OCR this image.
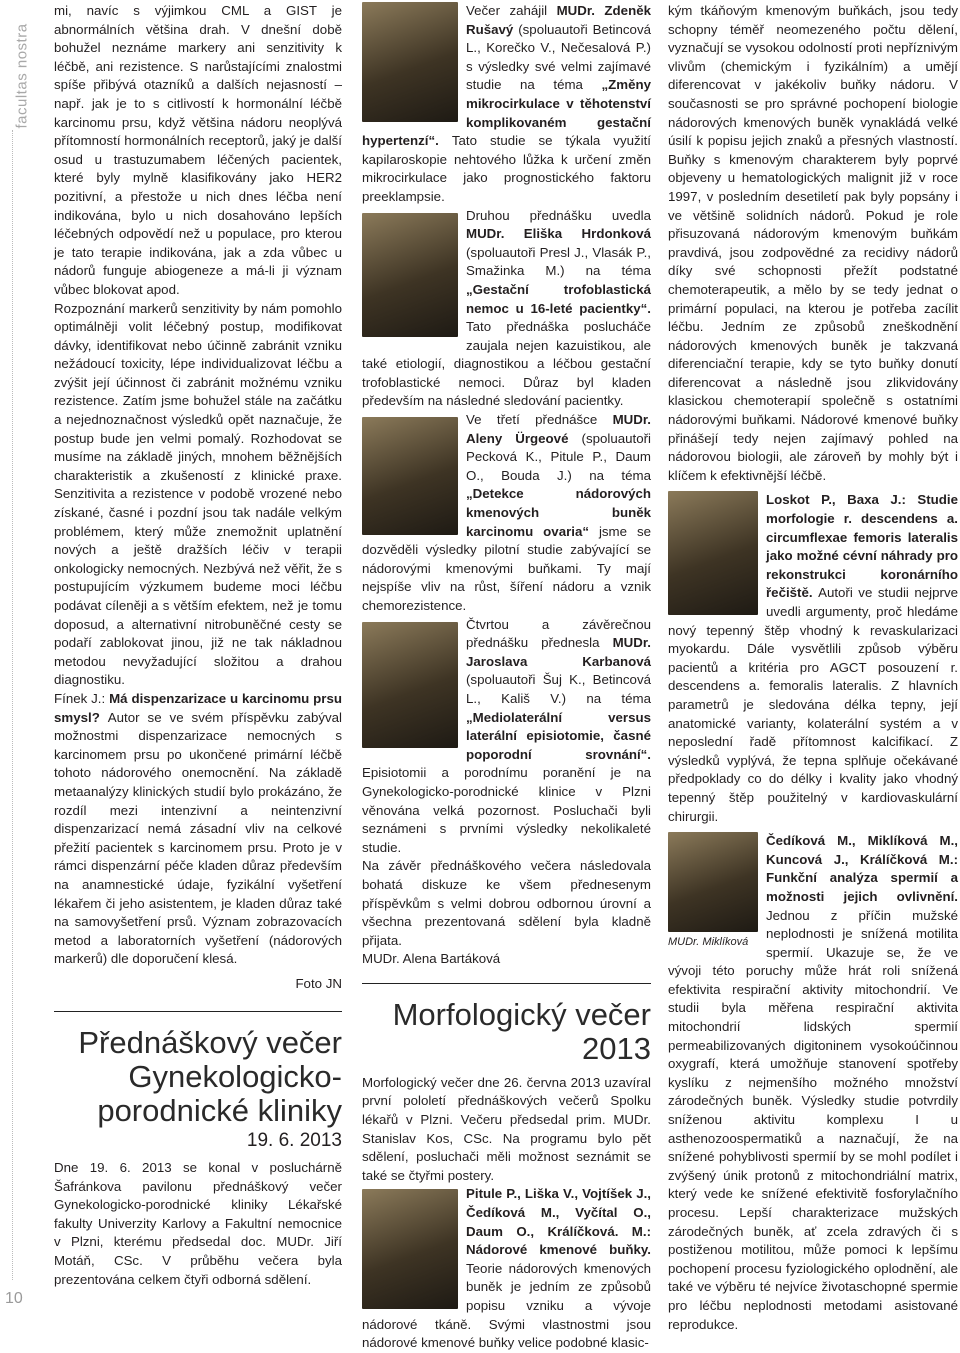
facultas nostra
10

mi, navíc s výjimkou CML a GIST je abnormálních většina drah. V dnešní době bohužel neznáme markery ani senzitivity k léčbě, ani rezistence. S narůstajícími znalostmi spíše přibývá otazníků a dalších nejasností – např. jak je to s citlivostí k hormonální léčbě karcinomu prsu, když většina nádoru neoplývá přítomností hormonálních receptorů, jaký je další osud u trastuzumabem léčených pacientek, které byly mylně klasifikovány jako HER2 pozitivní, a přestože u nich dnes léčba není indikována, bylo u nich dosahováno lepších léčebných odpovědí než u populace, pro kterou je tato terapie indikována, jak a zda vůbec u nádorů funguje abiogeneze a má-li ji význam vůbec blokovat apod.

Rozpoznání markerů senzitivity by nám pomohlo optimálněji volit léčebný postup, modifikovat dávky, identifikovat nebo účinně zabránit vzniku nežádoucí toxicity, lépe individualizovat léčbu a zvýšit její účinnost či zabránit možnému vzniku rezistence. Zatím jsme bohužel stále na začátku a nejednoznačnost výsledků opět naznačuje, že postup bude jen velmi pomalý. Rozhodovat se musíme na základě jiných, mnohem běžnějších charakteristik a zkušeností z klinické praxe. Senzitivita a rezistence v podobě vrozené nebo získané, časné i pozdní jsou tak nadále velkým problémem, který může znemožnit uplatnění nových a ještě dražších léčiv v terapii onkologicky nemocných. Nezbývá než věřit, že s postupujícím výzkumem budeme moci léčbu podávat cíleněji a s větším efektem, než je tomu doposud, a alternativní nitrobuněčné cesty se podaří zablokovat jinou, již ne tak nákladnou metodou nevyžadující složitou a drahou diagnostiku.

Fínek J.: Má dispenzarizace u karcinomu prsu smysl? Autor se ve svém příspěvku zabýval možnostmi dispenzarizace nemocných s karcinomem prsu po ukončené primární léčbě tohoto nádorového onemocnění. Na základě metaanalýzy klinických studií bylo prokázáno, že rozdíl mezi intenzivní a neintenzivní dispenzarizací nemá zásadní vliv na celkové přežití pacientek s karcinomem prsu. Proto je v rámci dispenzární péče kladen důraz především na anamnestické údaje, fyzikální vyšetření lékařem či jeho asistentem, je kladen důraz také na samovyšetření prsů. Význam zobrazovacích metod a laboratorních vyšetření (nádorových markerů) dle doporučení klesá.

Foto JN

Přednáškový večer Gynekologicko-porodnické kliniky
19. 6. 2013

Dne 19. 6. 2013 se konal v posluchárně Šafránkova pavilonu přednáškový večer Gynekologicko-porodnické kliniky Lékařské fakulty Univerzity Karlovy a Fakultní nemocnice v Plzni, kterému předsedal doc. MUDr. Jiří Motáň, CSc. V průběhu večera byla prezentována celkem čtyři odborná sdělení.

Večer zahájil MUDr. Zdeněk Rušavý (spoluautoři Betincová L., Korečko V., Nečesalová P.) s výsledky své velmi zajímavé studie na téma „Změny mikrocirkulace v těhotenství komplikovaném gestační hypertenzí“. Tato studie se týkala využití kapilaroskopie nehtového lůžka k určení změn mikrocirkulace jako prognostického faktoru preeklampsie.

Druhou přednášku uvedla MUDr. Eliška Hrdonková (spoluautoři Presl J., Vlasák P., Smažinka M.) na téma „Gestační trofoblastická nemoc u 16-leté pacientky“. Tato přednáška poslucháče zaujala nejen kazuistikou, ale také etiologií, diagnostikou a léčbou gestační trofoblastické nemoci. Důraz byl kladen především na následné sledování pacientky.

Ve třetí přednášce MUDr. Aleny Ürgeové (spoluautoři Pecková K., Pitule P., Daum O., Bouda J.) na téma „Detekce nádorových kmenových buněk karcinomu ovaria“ jsme se dozvěděli výsledky pilotní studie zabývající se nádorovými kmenovými buňkami. Ty mají nejspíše vliv na růst, šíření nádoru a vznik chemorezistence.

Čtvrtou a závěrečnou přednášku přednesla MUDr. Jaroslava Karbanová (spoluautoři Šuj K., Betincová L., Kališ V.) na téma „Mediolaterální versus laterální episiotomie, časné poporodní srovnání“. Episiotomii a porodnímu poranění je na Gynekologicko-porodnické klinice v Plzni věnována velká pozornost. Posluchači byli seznámeni s prvními výsledky nekolikaleté studie.

Na závěr přednáškového večera následovala bohatá diskuze ke všem přednesenym příspěvkům s velmi dobrou odbornou úrovní a všechna prezentovaná sdělení byla kladně přijata.

MUDr. Alena Bartáková

Morfologický večer 2013

Morfologický večer dne 26. června 2013 uzavíral první pololetí přednáškových večerů Spolku lékařů v Plzni. Večeru předsedal prim. MUDr. Stanislav Kos, CSc. Na programu bylo pět sdělení, posluchači měli možnost seznámit se také se čtyřmi postery.

Pitule P., Liška V., Vojtíšek J., Čedíková M., Vyčítal O., Daum O., Králíčková. M.: Nádorové kmenové buňky. Teorie nádorových kmenových buněk je jedním ze způsobů popisu vzniku a vývoje nádorové tkáně. Svými vlastnostmi jsou nádorové kmenové buňky velice podobné klasic-

kým tkáňovým kmenovým buňkách, jsou tedy schopny téměř neomezeného počtu dělení, vyznačují se vysokou odolností proti nepříznivým vlivům (chemickým i fyzikálním) a umějí diferencovat v jakékoliv buňky nádoru. V současnosti se pro správné pochopení biologie nádorových kmenových buněk vynakládá velké úsilí k popisu jejich znaků a přesných vlastností. Buňky s kmenovým charakterem byly poprvé objeveny u hematologických malignit již v roce 1997, v posledním desetiletí pak byly popsány i ve většině solidních nádorů. Pokud je role přisuzovaná nádorovým kmenovým buňkám pravdivá, jsou zodpovědné za recidivy nádorů díky své schopnosti přežít podstatné chemoterapeutik, a mělo by se tedy jednat o primární populaci, na kterou je potřeba zacílit léčbu. Jedním ze způsobů zneškodnění nádorových kmenových buněk je takzvaná diferenciační terapie, kdy se tyto buňky donutí diferencovat a následně jsou zlikvidovány klasickou chemoterapií společně s ostatními nádorovými buňkami. Nádorové kmenové buňky přinášejí tedy nejen zajímavý pohled na nádorovou biologii, ale zároveň by mohly být i klíčem k efektivnější léčbě.

Loskot P., Baxa J.: Studie morfologie r. descendens a. circumflexae femoris lateralis jako možné cévní náhrady pro rekonstrukci koronárního řečiště. Autoři ve studii nejprve uvedli argumenty, proč hledáme nový tepenný štěp vhodný k revaskularizaci myokardu. Dále vysvětlili způsob výběru pacientů a kritéria pro AGCT posouzení r. descendens a. femoralis lateralis. Z hlavních parametrů je sledována délka tepny, její anatomické varianty, kolaterální systém a v neposlední řadě přítomnost kalcifikací. Z výsledků vyplývá, že tepna splňuje očekávané předpoklady co do délky i kvality jako vhodný tepenný štěp použitelný v kardiovaskulární chirurgii.

MUDr. Miklíková
Čedíková M., Miklíková M., Kuncová J., Králíčková M.: Funkční analýza spermií a možnosti jejich ovlivnění. Jednou z příčin mužské neplodnosti je snížená motilita spermií. Ukazuje se, že ve vývoji této poruchy může hrát roli snížená efektivita respirační aktivity mitochondrií. Ve studii byla měřena respirační aktivita mitochondrií lidských spermií permeabilizovaných digitoninem vysokoúčinnou oxygrafí, která umožňuje stanovení spotřeby kyslíku z nejmenšího možného množství zárodečných buněk. Výsledky studie potvrdily sníženou aktivitu komplexu I u asthenozoospermatiků a naznačují, že na snížené pohyblivosti spermií by se mohl podílet i zvýšený únik protonů z mitochondriální matrix, který vede ke snížené efektivitě fosforylačního procesu. Lepší charakterizace mužských zárodečných buněk, ať zcela zdravých či s postiženou motilitou, může pomoci k lepšímu pochopení procesu fyziologického oplodnění, ale také ve výběru té nejvíce životaschopné spermie pro léčbu neplodnosti metodami asistované reprodukce.
